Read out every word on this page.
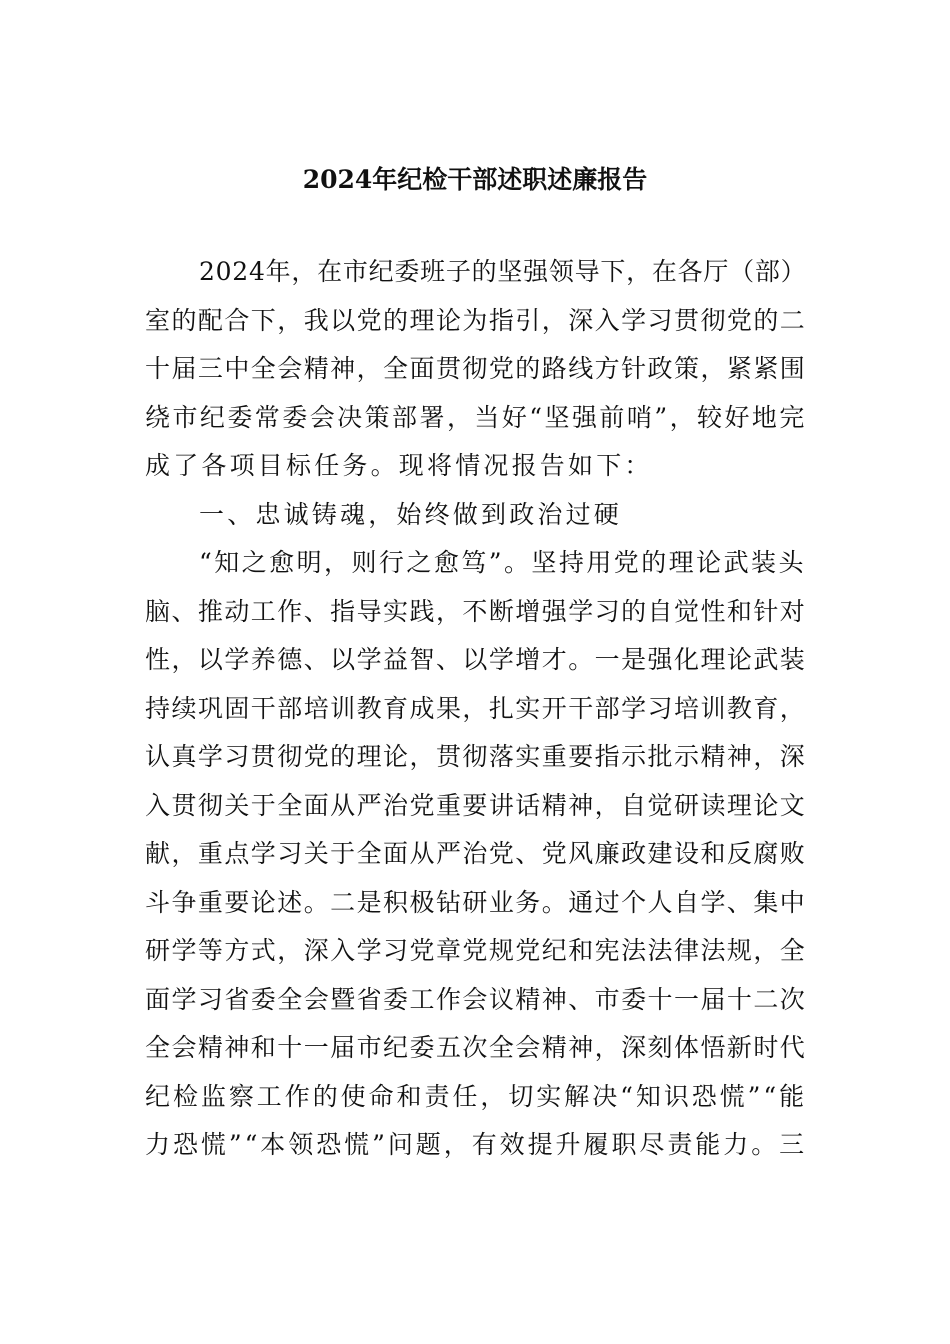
2024年纪检干部述职述廉报告

2024年，在市纪委班子的坚强领导下，在各厅（部）

室的配合下，我以党的理论为指引，深入学习贯彻党的二

十届三中全会精神，全面贯彻党的路线方针政策，紧紧围

绕市纪委常委会决策部署，当好“坚强前哨”，较好地完

成了各项目标任务。现将情况报告如下：

一、忠诚铸魂，始终做到政治过硬

“知之愈明，则行之愈笃”。坚持用党的理论武装头

脑、推动工作、指导实践，不断增强学习的自觉性和针对

性，以学养德、以学益智、以学增才。一是强化理论武装

持续巩固干部培训教育成果，扎实开干部学习培训教育，

认真学习贯彻党的理论，贯彻落实重要指示批示精神，深

入贯彻关于全面从严治党重要讲话精神，自觉研读理论文

献，重点学习关于全面从严治党、党风廉政建设和反腐败

斗争重要论述。二是积极钻研业务。通过个人自学、集中

研学等方式，深入学习党章党规党纪和宪法法律法规，全

面学习省委全会暨省委工作会议精神、市委十一届十二次

全会精神和十一届市纪委五次全会精神，深刻体悟新时代

纪检监察工作的使命和责任，切实解决“知识恐慌”“能

力恐慌”“本领恐慌”问题，有效提升履职尽责能力。三
